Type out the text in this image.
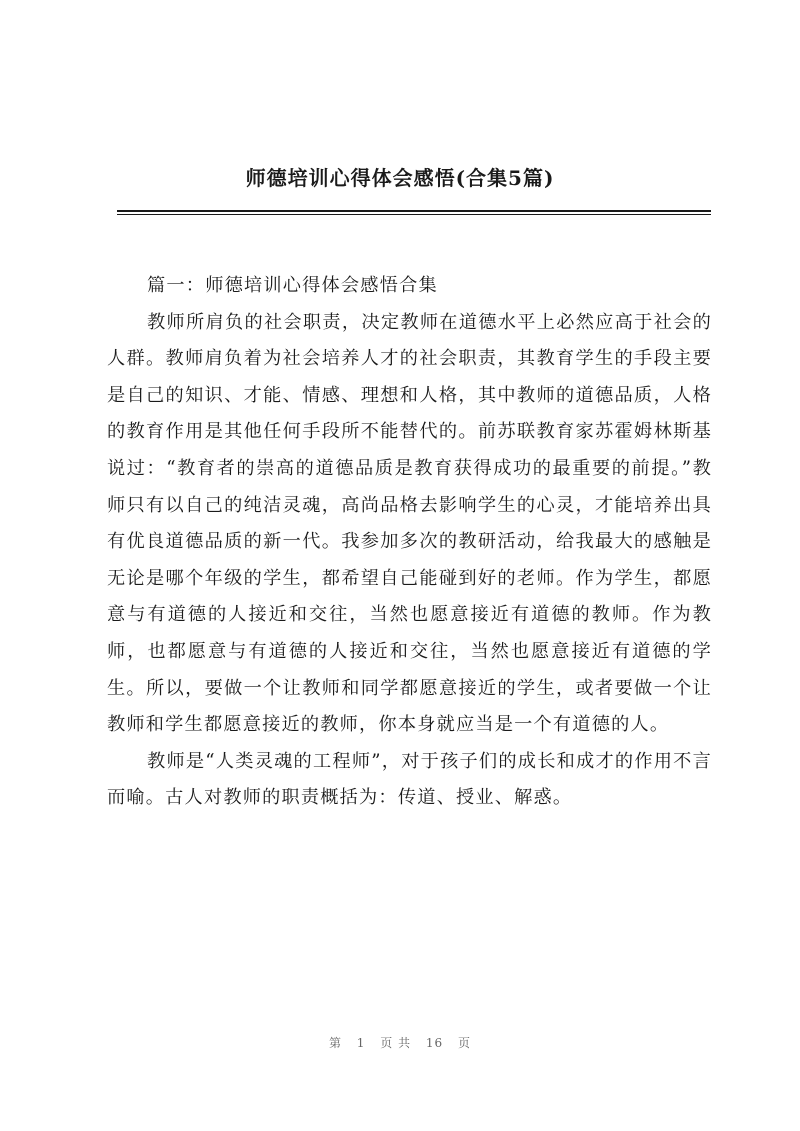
师德培训心得体会感悟(合集5篇)

篇一：师德培训心得体会感悟合集

教师所肩负的社会职责，决定教师在道德水平上必然应高于社会的人群。教师肩负着为社会培养人才的社会职责，其教育学生的手段主要是自己的知识、才能、情感、理想和人格，其中教师的道德品质，人格的教育作用是其他任何手段所不能替代的。前苏联教育家苏霍姆林斯基说过：“教育者的崇高的道德品质是教育获得成功的最重要的前提。”教师只有以自己的纯洁灵魂，高尚品格去影响学生的心灵，才能培养出具有优良道德品质的新一代。我参加多次的教研活动，给我最大的感触是无论是哪个年级的学生，都希望自己能碰到好的老师。作为学生，都愿意与有道德的人接近和交往，当然也愿意接近有道德的教师。作为教师，也都愿意与有道德的人接近和交往，当然也愿意接近有道德的学生。所以，要做一个让教师和同学都愿意接近的学生，或者要做一个让教师和学生都愿意接近的教师，你本身就应当是一个有道德的人。

教师是“人类灵魂的工程师”，对于孩子们的成长和成才的作用不言而喻。古人对教师的职责概括为：传道、授业、解惑。

第 1 页 共 16 页
